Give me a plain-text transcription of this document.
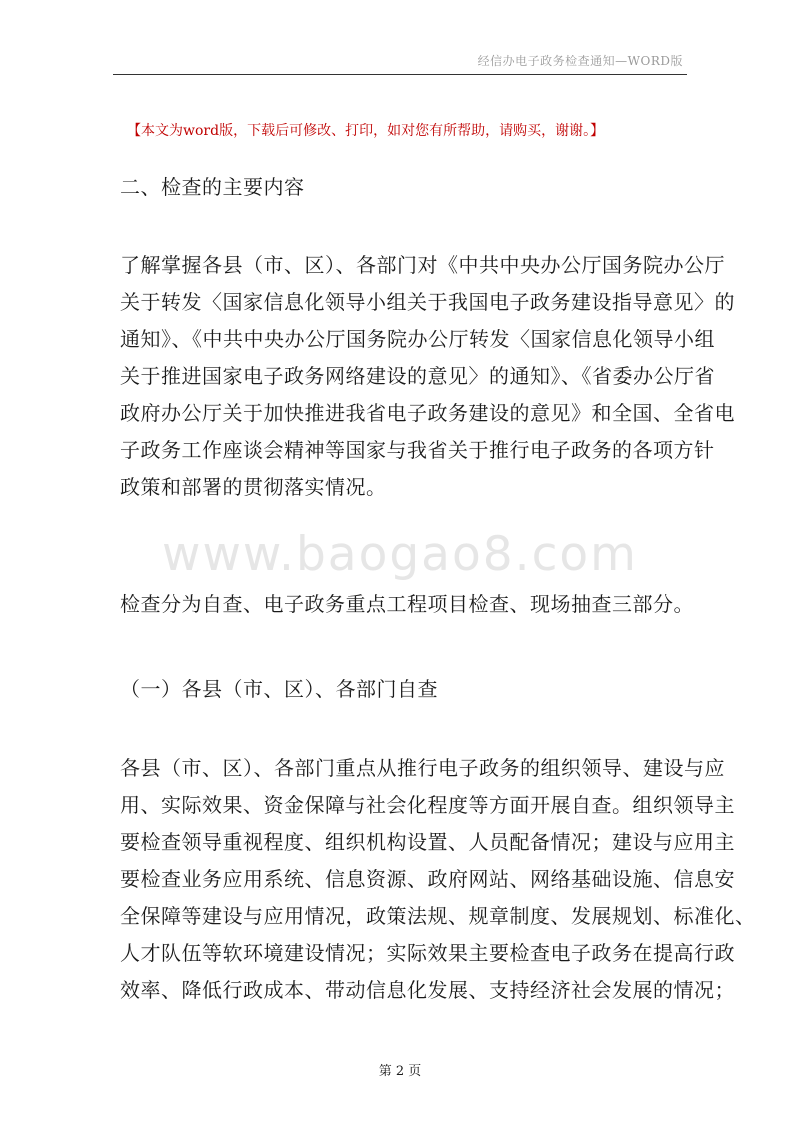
经信办电子政务检查通知—WORD版
【本文为word版，下载后可修改、打印，如对您有所帮助，请购买，谢谢。】
二、检查的主要内容
了解掌握各县（市、区）、各部门对《中共中央办公厅国务院办公厅
关于转发〈国家信息化领导小组关于我国电子政务建设指导意见〉的
通知》、《中共中央办公厅国务院办公厅转发〈国家信息化领导小组
关于推进国家电子政务网络建设的意见〉的通知》、《省委办公厅省
政府办公厅关于加快推进我省电子政务建设的意见》和全国、全省电
子政务工作座谈会精神等国家与我省关于推行电子政务的各项方针
政策和部署的贯彻落实情况。
www.baogao8.com
检查分为自查、电子政务重点工程项目检查、现场抽查三部分。
（一）各县（市、区）、各部门自查
各县（市、区）、各部门重点从推行电子政务的组织领导、建设与应
用、实际效果、资金保障与社会化程度等方面开展自查。组织领导主
要检查领导重视程度、组织机构设置、人员配备情况；建设与应用主
要检查业务应用系统、信息资源、政府网站、网络基础设施、信息安
全保障等建设与应用情况，政策法规、规章制度、发展规划、标准化、
人才队伍等软环境建设情况；实际效果主要检查电子政务在提高行政
效率、降低行政成本、带动信息化发展、支持经济社会发展的情况；
第 2 页
